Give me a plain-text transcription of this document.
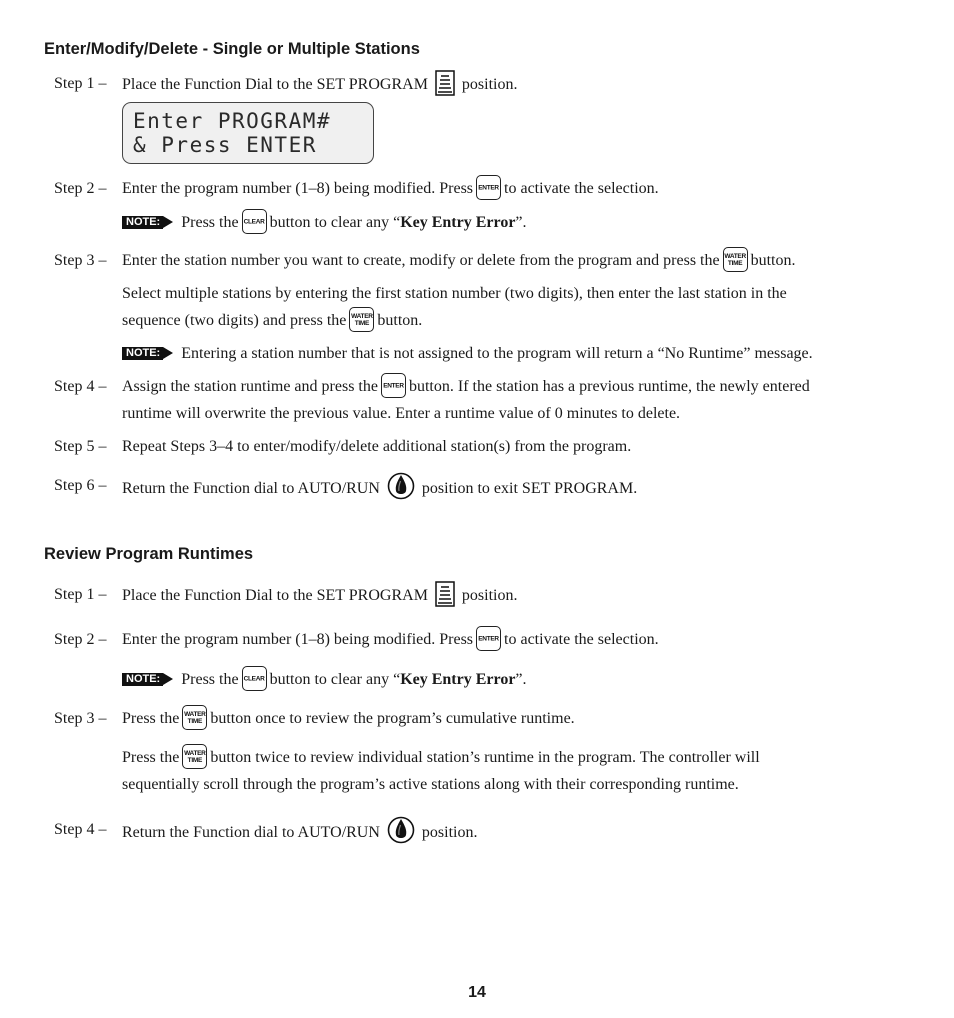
Enter/Modify/Delete - Single or Multiple Stations
Step 1 – Place the Function Dial to the SET PROGRAM position.
Enter PROGRAM#
& Press ENTER
Step 2 – Enter the program number (1–8) being modified. Press ENTER to activate the selection.
NOTE: Press the CLEAR button to clear any “Key Entry Error”.
Step 3 – Enter the station number you want to create, modify or delete from the program and press the WATER
TIME button.
Select multiple stations by entering the first station number (two digits), then enter the last station in the
sequence (two digits) and press the WATER
TIME button.
NOTE: Entering a station number that is not assigned to the program will return a “No Runtime” message.
Step 4 – Assign the station runtime and press the ENTER button. If the station has a previous runtime, the newly entered
runtime will overwrite the previous value. Enter a runtime value of 0 minutes to delete.
Step 5 – Repeat Steps 3–4 to enter/modify/delete additional station(s) from the program.
Step 6 – Return the Function dial to AUTO/RUN	position to exit SET PROGRAM.
Review Program Runtimes
Step 1 – Place the Function Dial to the SET PROGRAM position.
Step 2 – Enter the program number (1–8) being modified. Press ENTER to activate the selection.
NOTE: Press the CLEAR button to clear any “Key Entry Error”.
Step 3 – Press the WATER
TIME button once to review the program’s cumulative runtime.
Press the WATER
TIME button twice to review individual station’s runtime in the program. The controller will
sequentially scroll through the program’s active stations along with their corresponding runtime.
Step 4 – Return the Function dial to AUTO/RUN	position.
14
